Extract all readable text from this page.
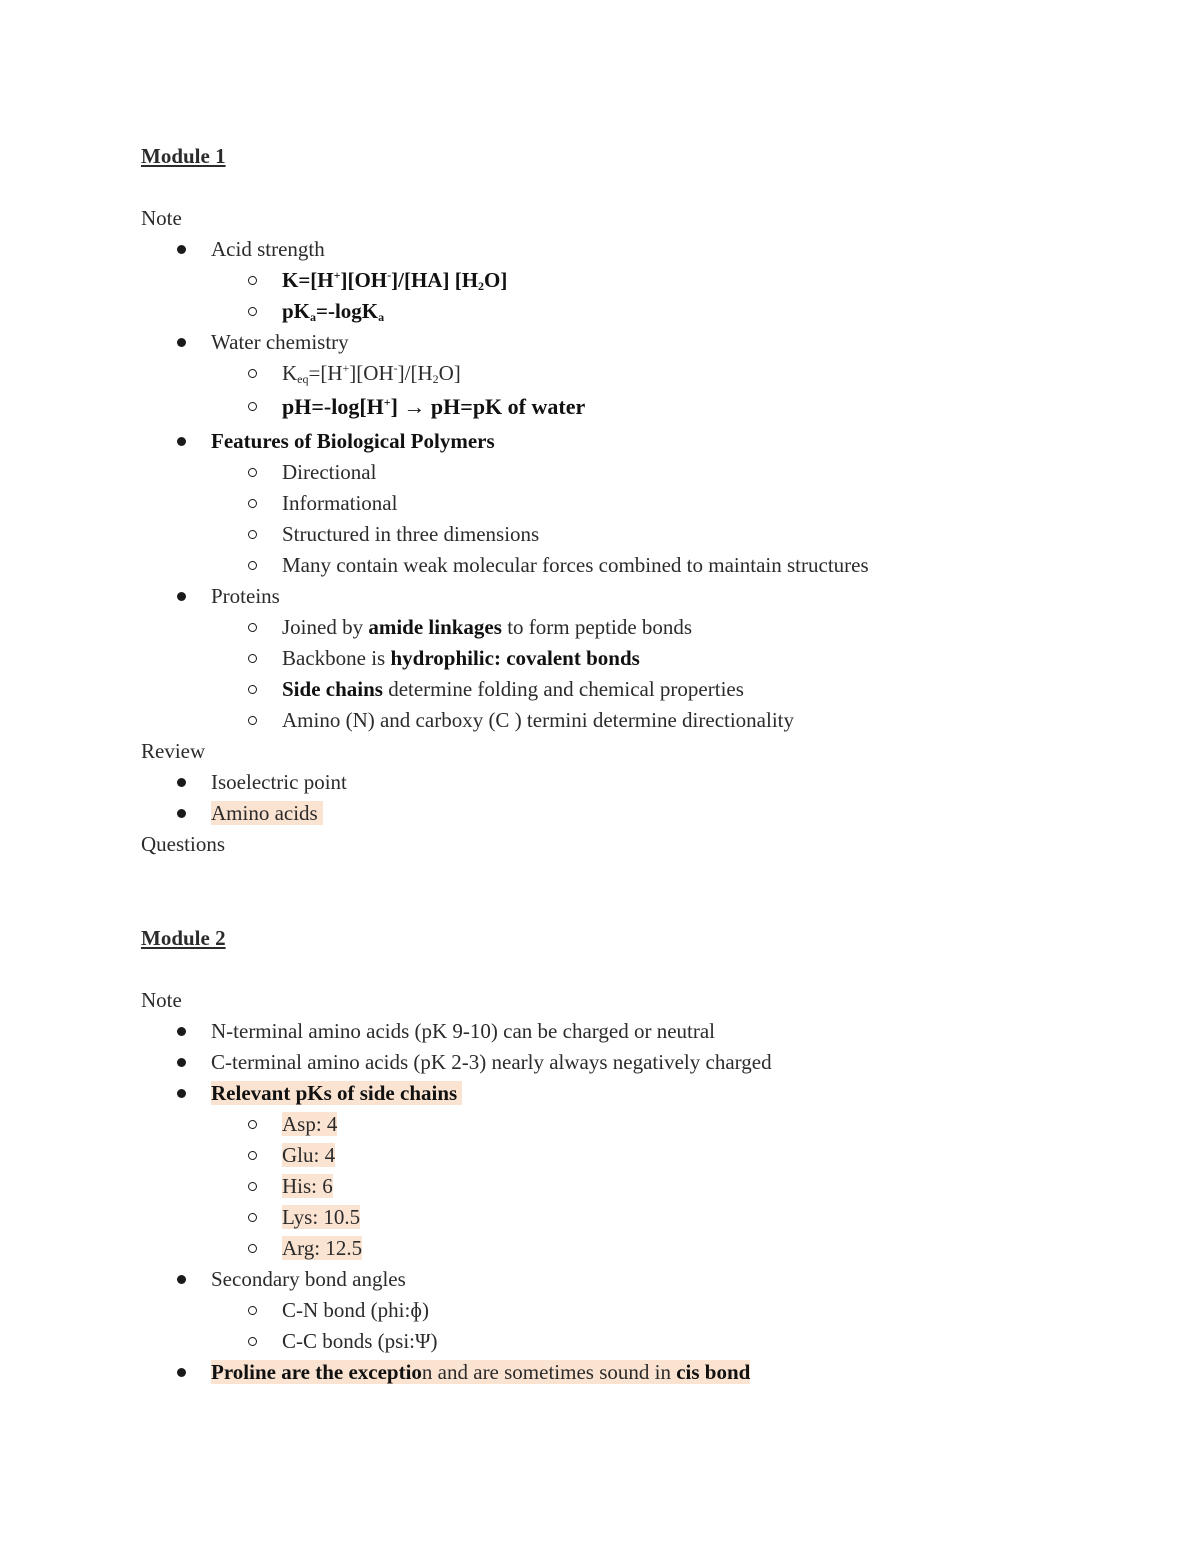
Module 1
Note
Acid strength
K=[H+][OH-]/[HA] $[H_2O]$
$pK_a=-\log K_a$
Water chemistry
$K_{eq}=[H^+][OH^-]/[H_2O]$
pH=-log[H+] → pH=pK of water
Features of Biological Polymers
Directional
Informational
Structured in three dimensions
Many contain weak molecular forces combined to maintain structures
Proteins
Joined by amide linkages to form peptide bonds
Backbone is hydrophilic: covalent bonds
Side chains determine folding and chemical properties
Amino (N) and carboxy (C ) termini determine directionality
Review
Isoelectric point
Amino acids
Questions
Module 2
Note
N-terminal amino acids (pK 9-10) can be charged or neutral
C-terminal amino acids (pK 2-3) nearly always negatively charged
Relevant pKs of side chains
Asp: 4
Glu: 4
His: 6
Lys: 10.5
Arg: 12.5
Secondary bond angles
C-N bond (phi:ɸ)
C-C bonds (psi:Ψ)
Proline are the exception and are sometimes sound in cis bond
